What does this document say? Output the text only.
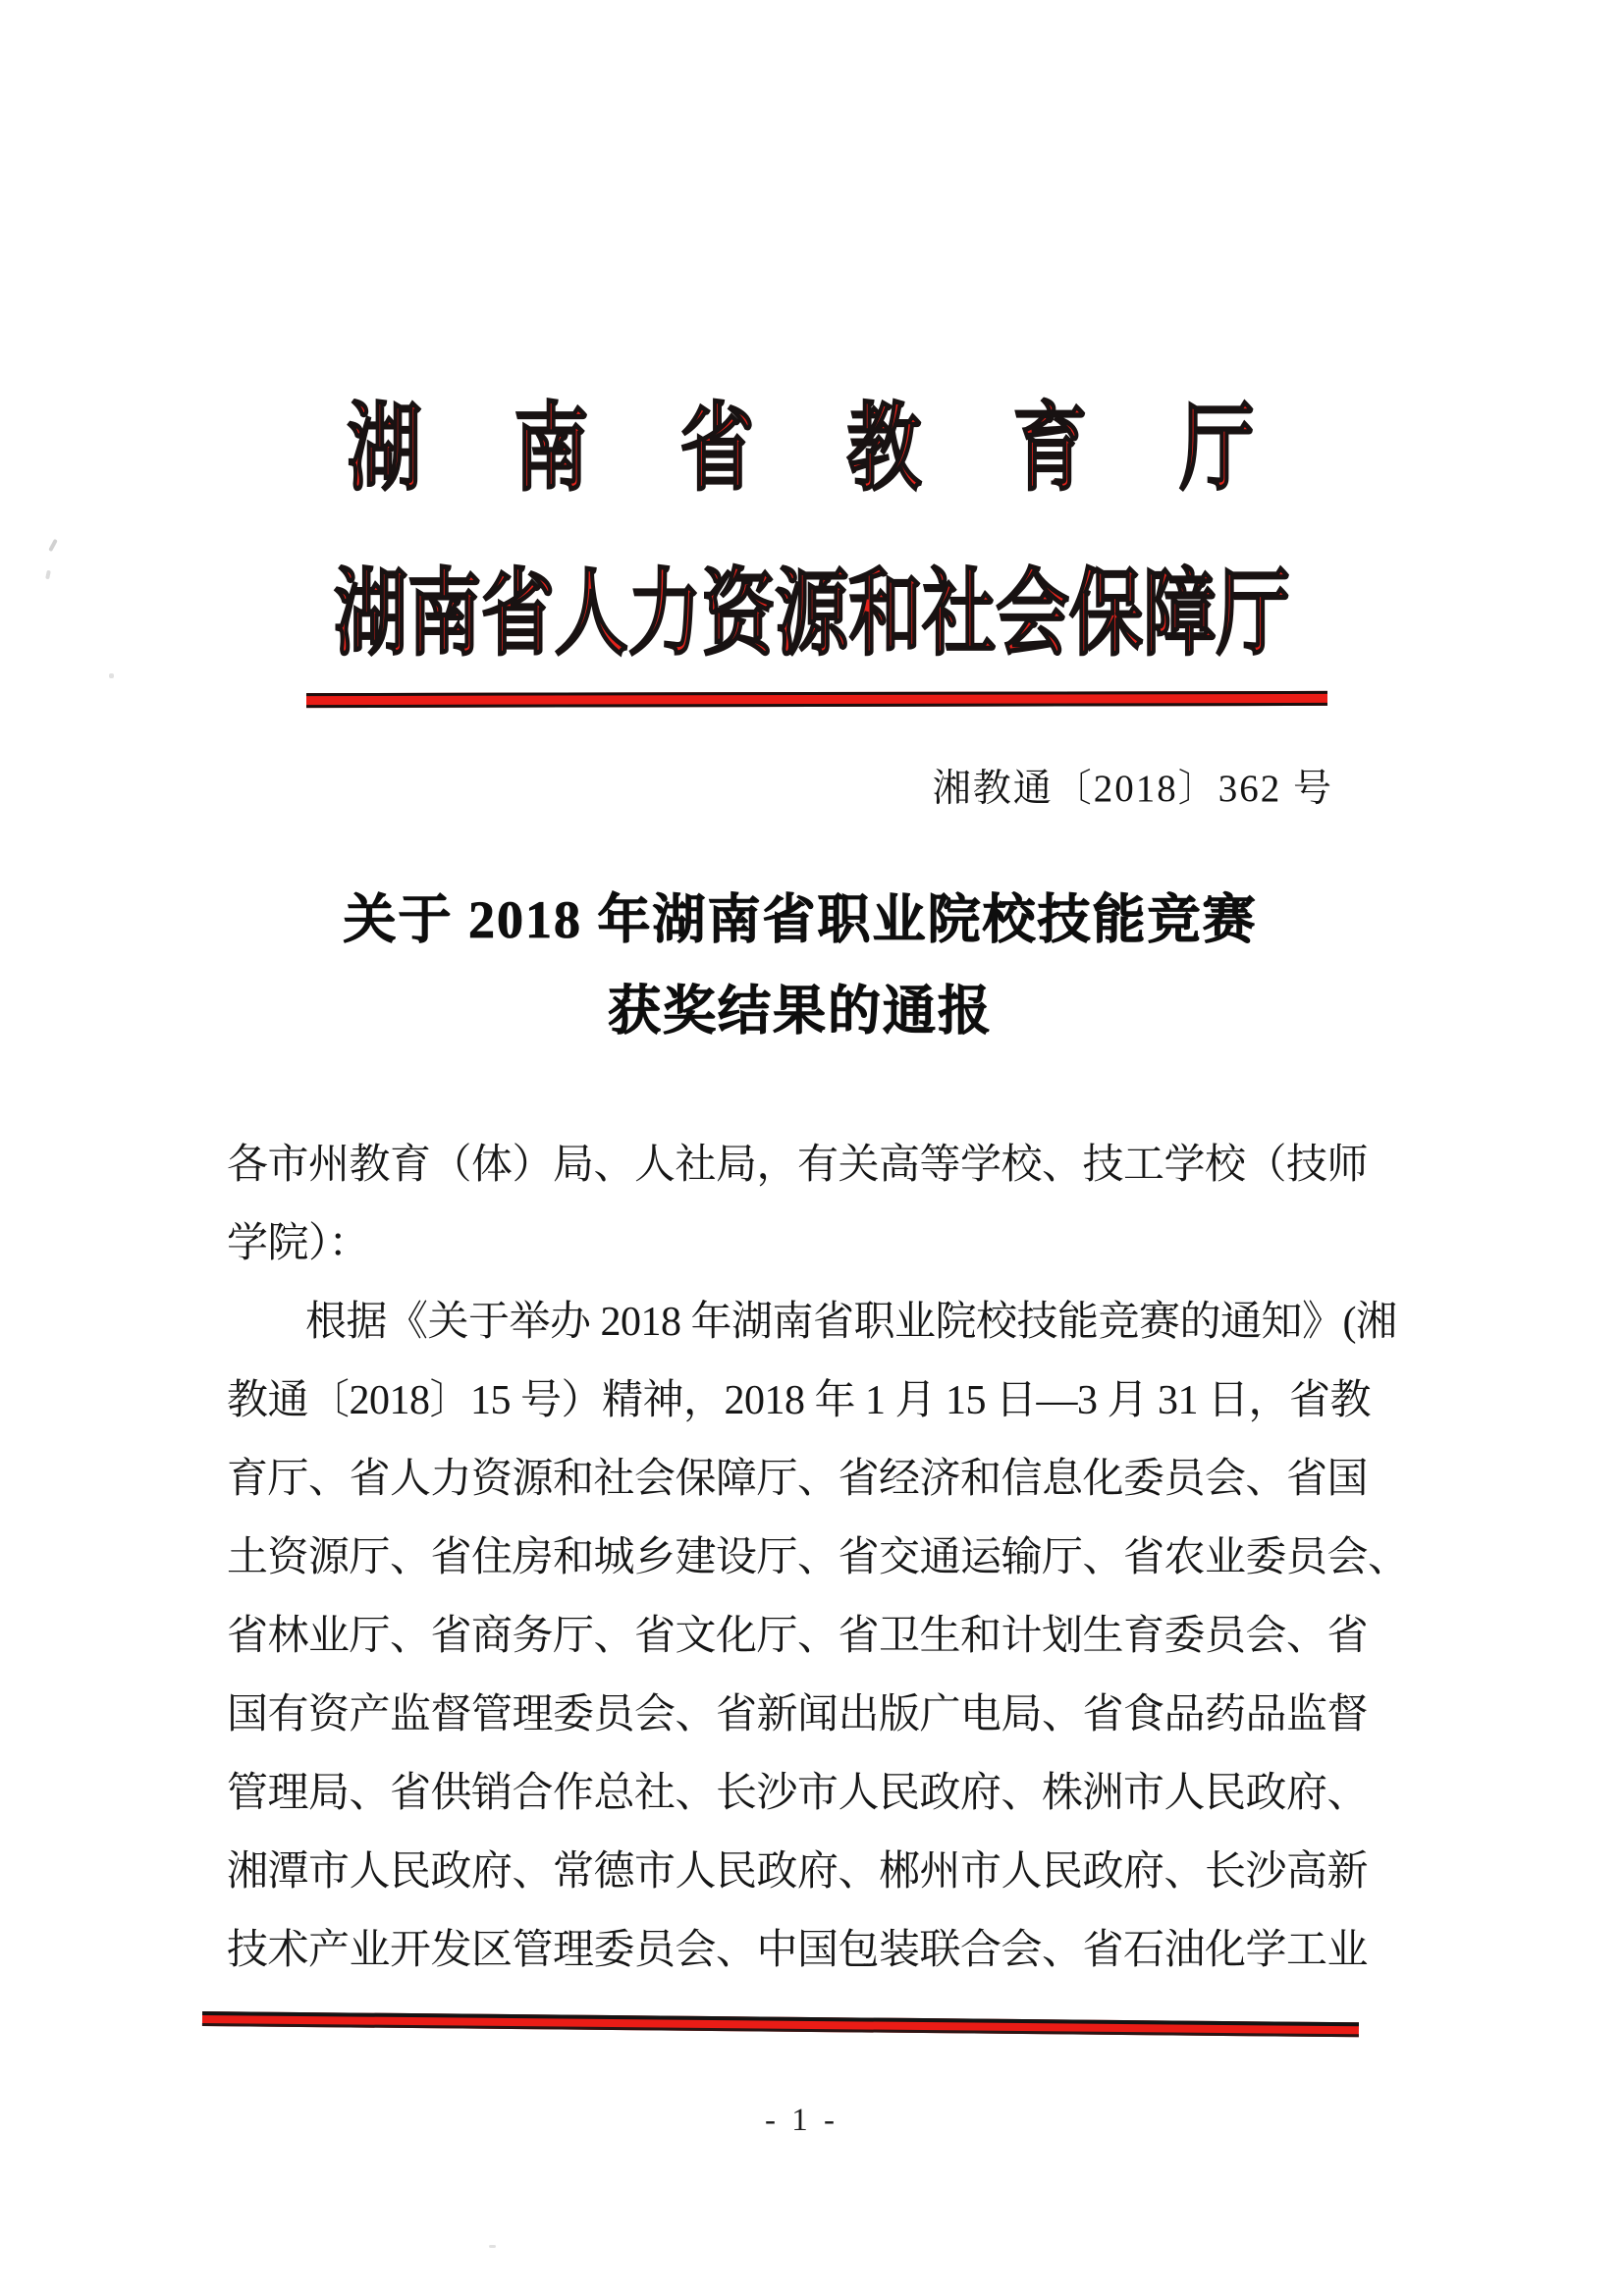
湖 南 省 教 育 厅
湖南省人力资源和社会保障厅
湘教通〔2018〕362 号
关于 2018 年湖南省职业院校技能竞赛
获奖结果的通报
各市州教育（体）局、人社局，有关高等学校、技工学校（技师
学院）：
根据《关于举办 2018 年湖南省职业院校技能竞赛的通知》(湘
教通〔2018〕15 号）精神，2018 年 1 月 15 日—3 月 31 日，省教
育厅、省人力资源和社会保障厅、省经济和信息化委员会、省国
土资源厅、省住房和城乡建设厅、省交通运输厅、省农业委员会、
省林业厅、省商务厅、省文化厅、省卫生和计划生育委员会、省
国有资产监督管理委员会、省新闻出版广电局、省食品药品监督
管理局、省供销合作总社、长沙市人民政府、株洲市人民政府、
湘潭市人民政府、常德市人民政府、郴州市人民政府、长沙高新
技术产业开发区管理委员会、中国包装联合会、省石油化学工业
- 1 -
